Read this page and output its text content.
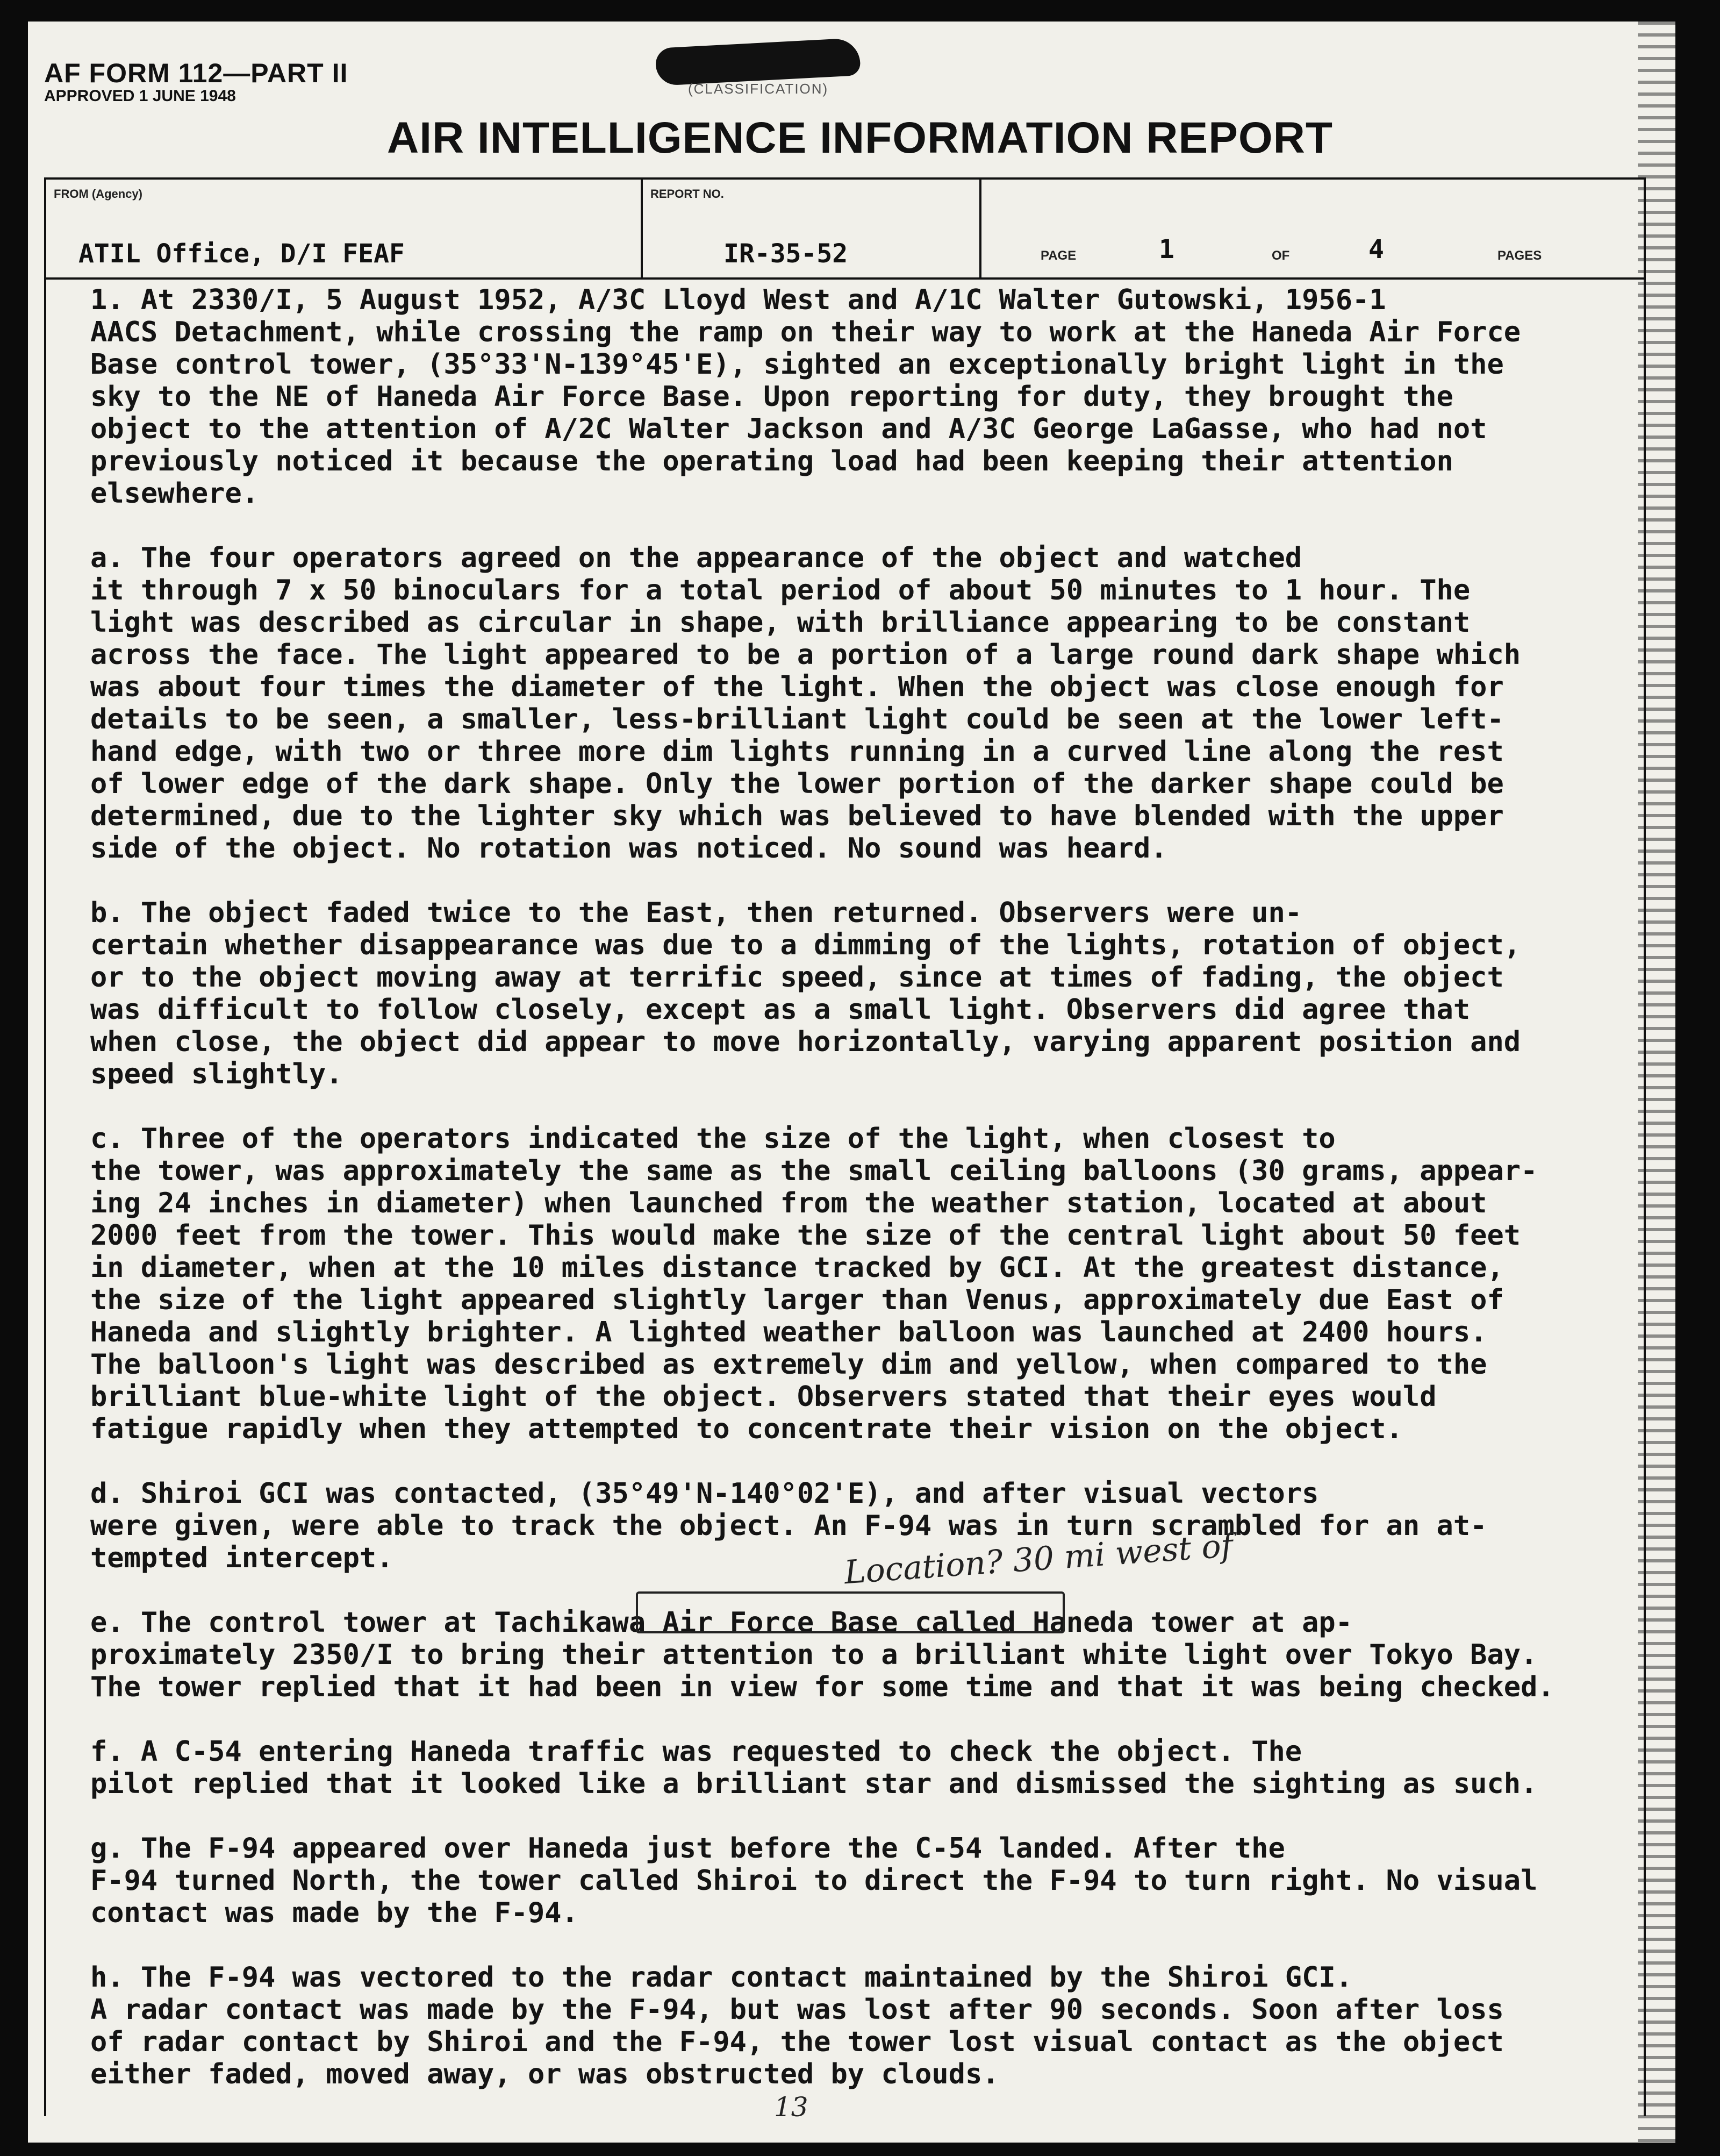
AF FORM 112—PART II
APPROVED 1 JUNE 1948	(CLASSIFICATION)
AIR INTELLIGENCE INFORMATION REPORT
FROM (Agency)
ATIL Office, D/I FEAF
REPORT NO.
IR-35-52	PAGE	1	OF	4	PAGES
1. At 2330/I, 5 August 1952, A/3C Lloyd West and A/1C Walter Gutowski, 1956-1
AACS Detachment, while crossing the ramp on their way to work at the Haneda Air Force
Base control tower, (35°33'N-139°45'E), sighted an exceptionally bright light in the
sky to the NE of Haneda Air Force Base. Upon reporting for duty, they brought the
object to the attention of A/2C Walter Jackson and A/3C George LaGasse, who had not
previously noticed it because the operating load had been keeping their attention
elsewhere.
a. The four operators agreed on the appearance of the object and watched
it through 7 x 50 binoculars for a total period of about 50 minutes to 1 hour. The
light was described as circular in shape, with brilliance appearing to be constant
across the face. The light appeared to be a portion of a large round dark shape which
was about four times the diameter of the light. When the object was close enough for
details to be seen, a smaller, less-brilliant light could be seen at the lower left-
hand edge, with two or three more dim lights running in a curved line along the rest
of lower edge of the dark shape. Only the lower portion of the darker shape could be
determined, due to the lighter sky which was believed to have blended with the upper
side of the object. No rotation was noticed. No sound was heard.
b. The object faded twice to the East, then returned. Observers were un-
certain whether disappearance was due to a dimming of the lights, rotation of object,
or to the object moving away at terrific speed, since at times of fading, the object
was difficult to follow closely, except as a small light. Observers did agree that
when close, the object did appear to move horizontally, varying apparent position and
speed slightly.
c. Three of the operators indicated the size of the light, when closest to
the tower, was approximately the same as the small ceiling balloons (30 grams, appear-
ing 24 inches in diameter) when launched from the weather station, located at about
2000 feet from the tower. This would make the size of the central light about 50 feet
in diameter, when at the 10 miles distance tracked by GCI. At the greatest distance,
the size of the light appeared slightly larger than Venus, approximately due East of
Haneda and slightly brighter. A lighted weather balloon was launched at 2400 hours.
The balloon's light was described as extremely dim and yellow, when compared to the
brilliant blue-white light of the object. Observers stated that their eyes would
fatigue rapidly when they attempted to concentrate their vision on the object.
d. Shiroi GCI was contacted, (35°49'N-140°02'E), and after visual vectors
were given, were able to track the object. An F-94 was in turn scrambled for an at-
tempted intercept.
e. The control tower at Tachikawa Air Force Base called Haneda tower at ap-
proximately 2350/I to bring their attention to a brilliant white light over Tokyo Bay.
The tower replied that it had been in view for some time and that it was being checked.
f. A C-54 entering Haneda traffic was requested to check the object. The
pilot replied that it looked like a brilliant star and dismissed the sighting as such.
g. The F-94 appeared over Haneda just before the C-54 landed. After the
F-94 turned North, the tower called Shiroi to direct the F-94 to turn right. No visual
contact was made by the F-94.
h. The F-94 was vectored to the radar contact maintained by the Shiroi GCI.
A radar contact was made by the F-94, but was lost after 90 seconds. Soon after loss
of radar contact by Shiroi and the F-94, the tower lost visual contact as the object
either faded, moved away, or was obstructed by clouds.
Location? 30 mi west of
13
